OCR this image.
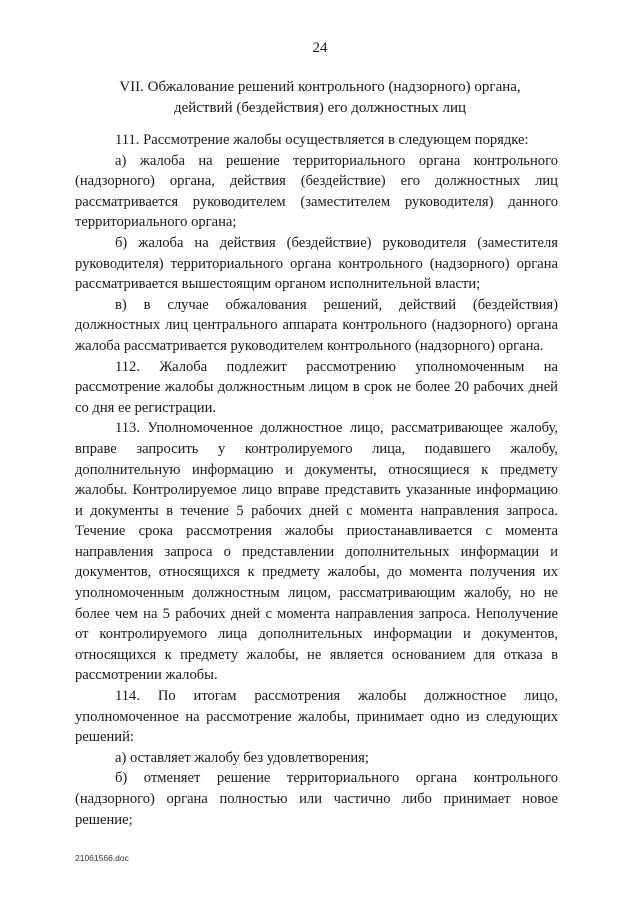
24
VII. Обжалование решений контрольного (надзорного) органа,
действий (бездействия) его должностных лиц

111. Рассмотрение жалобы осуществляется в следующем порядке:

а) жалоба на решение территориального органа контрольного (надзорного) органа, действия (бездействие) его должностных лиц рассматривается руководителем (заместителем руководителя) данного территориального органа;

б) жалоба на действия (бездействие) руководителя (заместителя руководителя) территориального органа контрольного (надзорного) органа рассматривается вышестоящим органом исполнительной власти;

в) в случае обжалования решений, действий (бездействия) должностных лиц центрального аппарата контрольного (надзорного) органа жалоба рассматривается руководителем контрольного (надзорного) органа.

112. Жалоба подлежит рассмотрению уполномоченным на рассмотрение жалобы должностным лицом в срок не более 20 рабочих дней со дня ее регистрации.

113. Уполномоченное должностное лицо, рассматривающее жалобу, вправе запросить у контролируемого лица, подавшего жалобу, дополнительную информацию и документы, относящиеся к предмету жалобы. Контролируемое лицо вправе представить указанные информацию и документы в течение 5 рабочих дней с момента направления запроса. Течение срока рассмотрения жалобы приостанавливается с момента направления запроса о представлении дополнительных информации и документов, относящихся к предмету жалобы, до момента получения их уполномоченным должностным лицом, рассматривающим жалобу, но не более чем на 5 рабочих дней с момента направления запроса. Неполучение от контролируемого лица дополнительных информации и документов, относящихся к предмету жалобы, не является основанием для отказа в рассмотрении жалобы.

114. По итогам рассмотрения жалобы должностное лицо, уполномоченное на рассмотрение жалобы, принимает одно из следующих решений:

а) оставляет жалобу без удовлетворения;

б) отменяет решение территориального органа контрольного (надзорного) органа полностью или частично либо принимает новое решение;

21061566.doc
